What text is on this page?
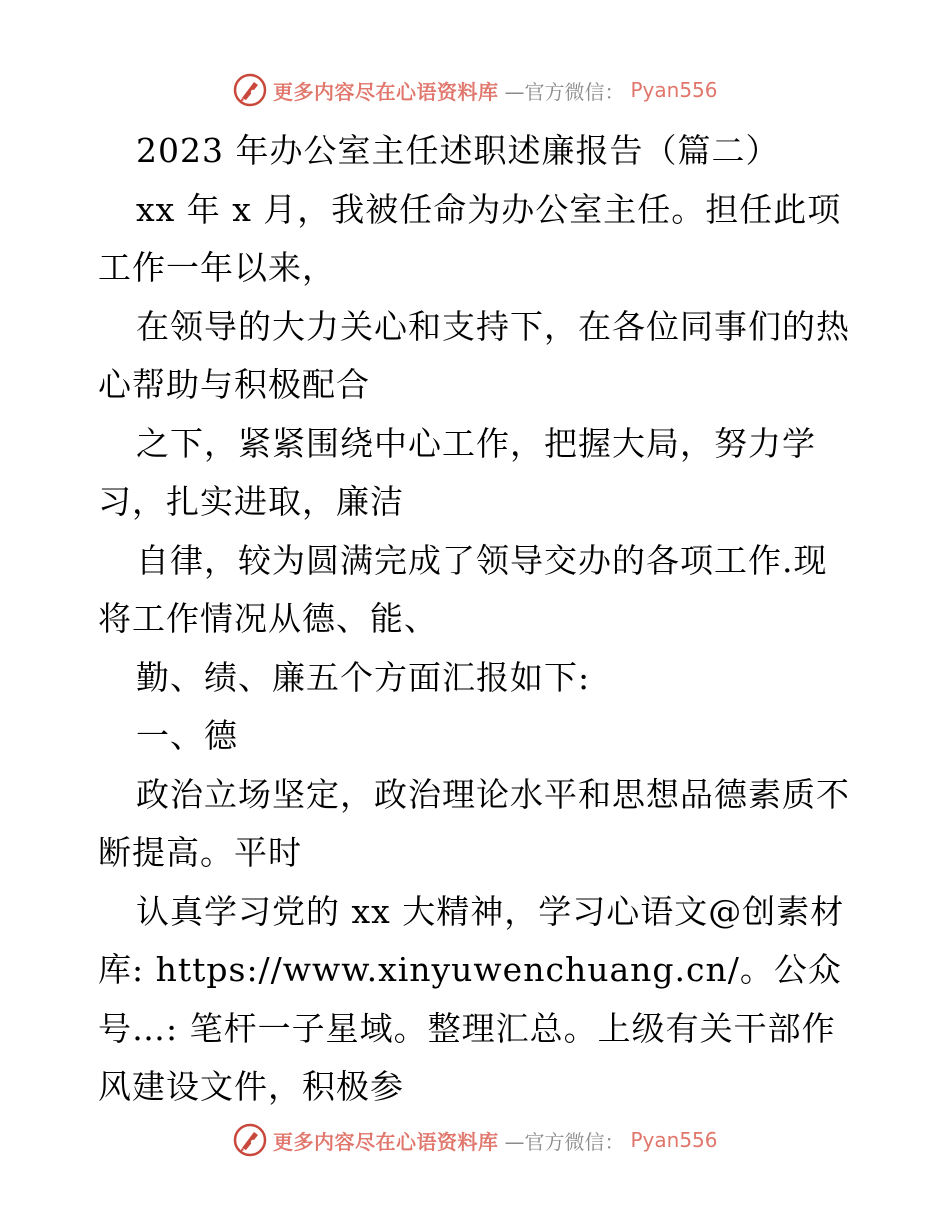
更多内容尽在心语资料库 —官方微信： Pyan556
2023 年办公室主任述职述廉报告（篇二）
xx 年 x 月，我被任命为办公室主任。担任此项
工作一年以来，
在领导的大力关心和支持下，在各位同事们的热
心帮助与积极配合
之下，紧紧围绕中心工作，把握大局，努力学
习，扎实进取，廉洁
自律，较为圆满完成了领导交办的各项工作.现
将工作情况从德、能、
勤、绩、廉五个方面汇报如下:
一、德
政治立场坚定，政治理论水平和思想品德素质不
断提高。平时
认真学习党的 xx 大精神，学习心语文@创素材
库: https://www.xinyuwenchuang.cn/。公众
号…: 笔杆一子星域。整理汇总。上级有关干部作
风建设文件，积极参
更多内容尽在心语资料库 —官方微信： Pyan556
